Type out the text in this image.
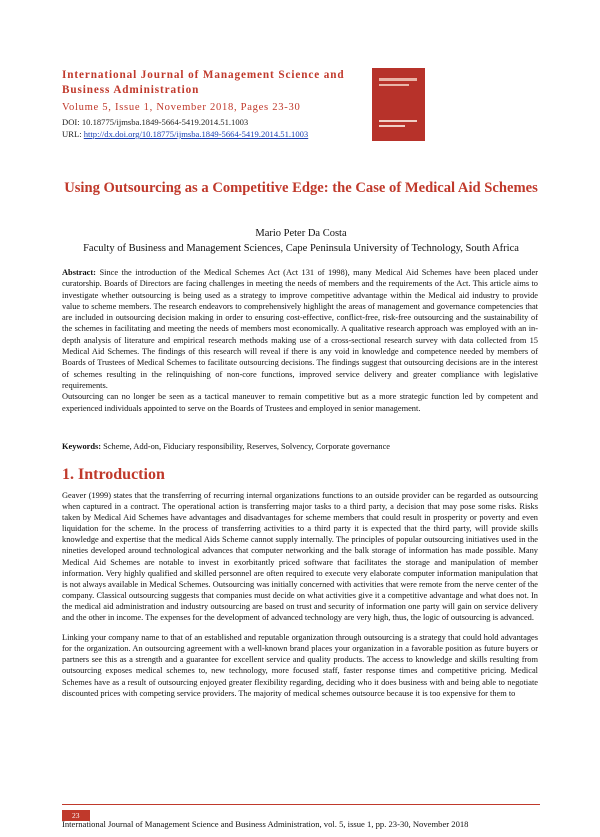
International Journal of Management Science and Business Administration
Volume 5, Issue 1, November 2018, Pages 23-30
DOI: 10.18775/ijmsba.1849-5664-5419.2014.51.1003
URL: http://dx.doi.org/10.18775/ijmsba.1849-5664-5419.2014.51.1003
Using Outsourcing as a Competitive Edge: the Case of Medical Aid Schemes
Mario Peter Da Costa
Faculty of Business and Management Sciences, Cape Peninsula University of Technology, South Africa

Abstract: Since the introduction of the Medical Schemes Act (Act 131 of 1998), many Medical Aid Schemes have been placed under curatorship. Boards of Directors are facing challenges in meeting the needs of members and the requirements of the Act. This article aims to investigate whether outsourcing is being used as a strategy to improve competitive advantage within the Medical aid industry to provide value to scheme members. The research endeavors to comprehensively highlight the areas of management and governance competencies that are included in outsourcing decision making in order to ensuring cost-effective, conflict-free, risk-free outsourcing and the sustainability of the schemes in facilitating and meeting the needs of members most economically. A qualitative research approach was employed with an in-depth analysis of literature and empirical research methods making use of a cross-sectional research survey with data collected from 15 Medical Aid Schemes. The findings of this research will reveal if there is any void in knowledge and competence needed by members of Boards of Trustees of Medical Schemes to facilitate outsourcing decisions. The findings suggest that outsourcing decisions are in the interest of schemes resulting in the relinquishing of non-core functions, improved service delivery and greater compliance with legislative requirements.

Outsourcing can no longer be seen as a tactical maneuver to remain competitive but as a more strategic function led by competent and experienced individuals appointed to serve on the Boards of Trustees and employed in senior management.

Keywords: Scheme, Add-on, Fiduciary responsibility, Reserves, Solvency, Corporate governance
1. Introduction

Geaver (1999) states that the transferring of recurring internal organizations functions to an outside provider can be regarded as outsourcing when captured in a contract. The operational action is transferring major tasks to a third party, a decision that may pose some risks. Risks taken by Medical Aid Schemes have advantages and disadvantages for scheme members that could result in prosperity or poverty and even liquidation for the scheme. In the process of transferring activities to a third party it is expected that the third party, will provide skills knowledge and expertise that the medical Aids Scheme cannot supply internally. The principles of popular outsourcing initiatives used in the nineties developed around technological advances that computer networking and the balk storage of information has made possible. Many Medical Aid Schemes are notable to invest in exorbitantly priced software that facilitates the storage and manipulation of member information. Very highly qualified and skilled personnel are often required to execute very elaborate computer information manipulation that is not always available in Medical Schemes. Outsourcing was initially concerned with activities that were remote from the nerve center of the company. Classical outsourcing suggests that companies must decide on what activities give it a competitive advantage and what does not. In the medical aid administration and industry outsourcing are based on trust and security of information one party will gain on service delivery and the other in income. The expenses for the development of advanced technology are very high, thus, the logic of outsourcing is advanced.

Linking your company name to that of an established and reputable organization through outsourcing is a strategy that could hold advantages for the organization. An outsourcing agreement with a well-known brand places your organization in a favorable position as future buyers or partners see this as a strength and a guarantee for excellent service and quality products. The access to knowledge and skills resulting from outsourcing exposes medical schemes to, new technology, more focused staff, faster response times and competitive pricing. Medical Schemes have as a result of outsourcing enjoyed greater flexibility regarding, deciding who it does business with and being able to negotiate discounted prices with competing service providers. The majority of medical schemes outsource because it is too expensive for them to

23
International Journal of Management Science and Business Administration, vol. 5, issue 1, pp. 23-30, November 2018
